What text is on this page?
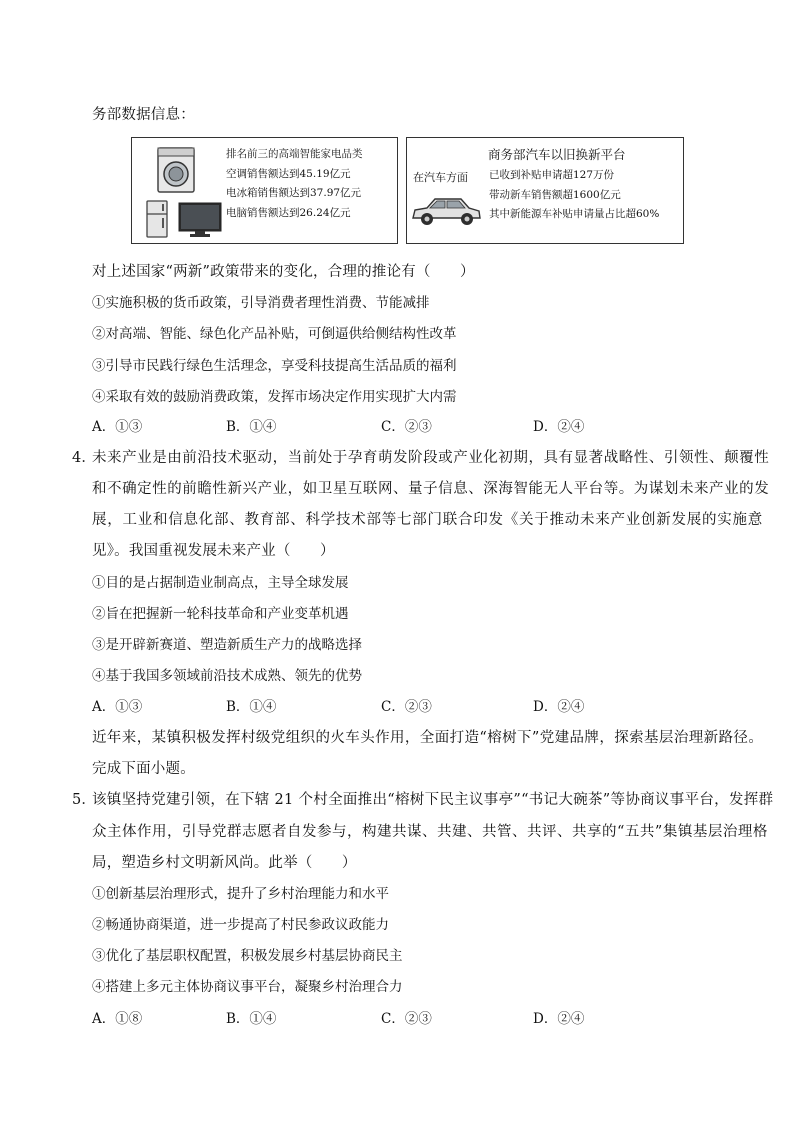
务部数据信息：
排名前三的高端智能家电品类
空调销售额达到45.19亿元
电冰箱销售额达到37.97亿元
电脑销售额达到26.24亿元
商务部汽车以旧换新平台
在汽车方面 已收到补贴申请超127万份
带动新车销售额超1600亿元
其中新能源车补贴申请量占比超60%
对上述国家“两新”政策带来的变化，合理的推论有（　　）
①实施积极的货币政策，引导消费者理性消费、节能减排
②对高端、智能、绿色化产品补贴，可倒逼供给侧结构性改革
③引导市民践行绿色生活理念，享受科技提高生活品质的福利
④采取有效的鼓励消费政策，发挥市场决定作用实现扩大内需
A．①③	B．①④	C．②③	D．②④
4．
未来产业是由前沿技术驱动，当前处于孕育萌发阶段或产业化初期，具有显著战略性、引领性、颠覆性
和不确定性的前瞻性新兴产业，如卫星互联网、量子信息、深海智能无人平台等。为谋划未来产业的发
展，工业和信息化部、教育部、科学技术部等七部门联合印发《关于推动未来产业创新发展的实施意
见》。我国重视发展未来产业（　　）
①目的是占据制造业制高点，主导全球发展
②旨在把握新一轮科技革命和产业变革机遇
③是开辟新赛道、塑造新质生产力的战略选择
④基于我国多领域前沿技术成熟、领先的优势
A．①③	B．①④	C．②③	D．②④
近年来，某镇积极发挥村级党组织的火车头作用，全面打造“榕树下”党建品牌，探索基层治理新路径。
完成下面小题。
5．
该镇坚持党建引领，在下辖 21 个村全面推出“榕树下民主议事亭”“书记大碗茶”等协商议事平台，发挥群
众主体作用，引导党群志愿者自发参与，构建共谋、共建、共管、共评、共享的“五共”集镇基层治理格
局，塑造乡村文明新风尚。此举（　　）
①创新基层治理形式，提升了乡村治理能力和水平
②畅通协商渠道，进一步提高了村民参政议政能力
③优化了基层职权配置，积极发展乡村基层协商民主
④搭建上多元主体协商议事平台，凝聚乡村治理合力
A．①⑧	B．①④	C．②③	D．②④
